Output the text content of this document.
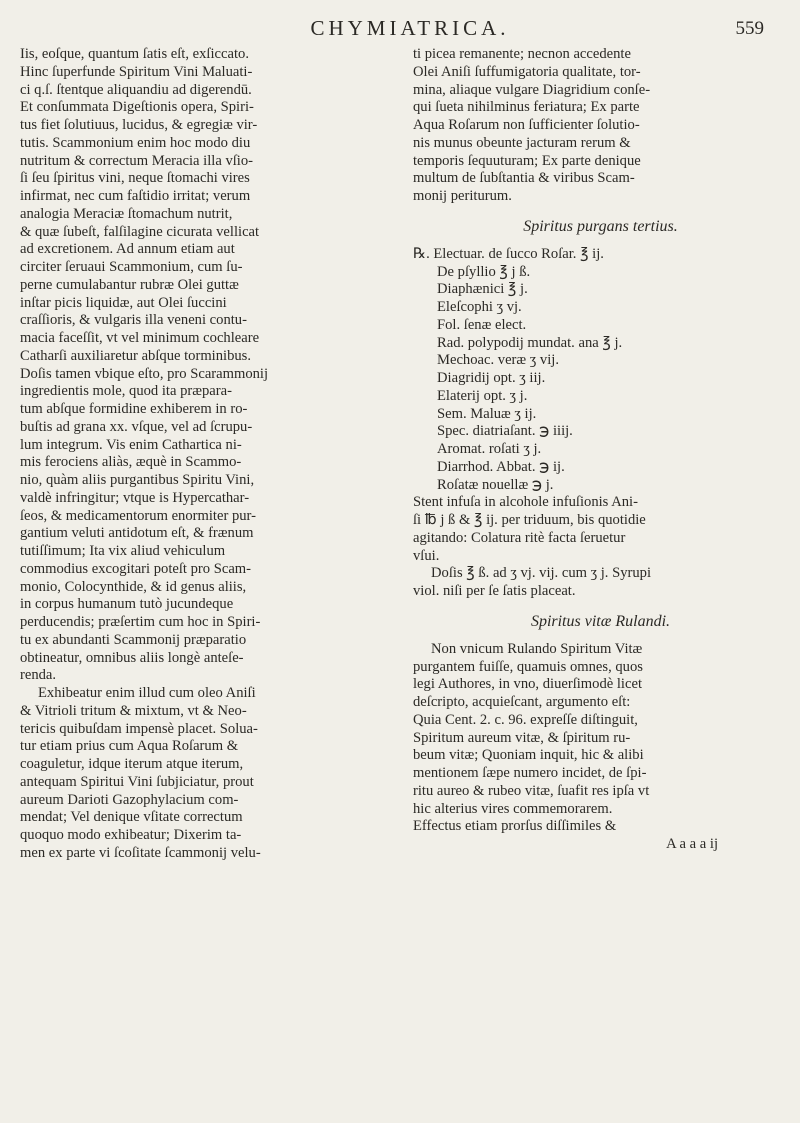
CHYMIATRICA.	559
Iis, eoſque, quantum ſatis eſt, exſiccato.
Hinc ſuperfunde Spiritum Vini Maluati-
ci q.ſ. ſtentque aliquandiu ad digerendū.
Et conſummata Digeſtionis opera, Spiri-
tus fiet ſolutiuus, lucidus, & egregiæ vir-
tutis. Scammonium enim hoc modo diu
nutritum & correctum Meracia illa vſio-
ſi ſeu ſpiritus vini, neque ſtomachi vires
infirmat, nec cum faſtidio irritat; verum
analogia Meraciæ ſtomachum nutrit,
& quæ ſubeſt, falſilagine cicurata vellicat
ad excretionem. Ad annum etiam aut
circiter ſeruaui Scammonium, cum ſu-
perne cumulabantur rubræ Olei guttæ
inſtar picis liquidæ, aut Olei ſuccini
craſſioris, & vulgaris illa veneni contu-
macia faceſſit, vt vel minimum cochleare
Catharſi auxiliaretur abſque torminibus.
Doſis tamen vbique eſto, pro Scarammonij
ingredientis mole, quod ita præpara-
tum abſque formidine exhiberem in ro-
buſtis ad grana xx. vſque, vel ad ſcrupu-
lum integrum. Vis enim Cathartica ni-
mis ferociens aliàs, æquè in Scammo-
nio, quàm aliis purgantibus Spiritu Vini,
valdè infringitur; vtque is Hypercathar-
ſeos, & medicamentorum enormiter pur-
gantium veluti antidotum eſt, & frænum
tutiſſimum; Ita vix aliud vehiculum
commodius excogitari poteſt pro Scam-
monio, Colocynthide, & id genus aliis,
in corpus humanum tutò jucundeque
perducendis; præſertim cum hoc in Spiri-
tu ex abundanti Scammonij præparatio
obtineatur, omnibus aliis longè anteſe-
renda.
Exhibeatur enim illud cum oleo Aniſi
& Vitrioli tritum & mixtum, vt & Neo-
tericis quibuſdam impensè placet. Solua-
tur etiam prius cum Aqua Roſarum &
coaguletur, idque iterum atque iterum,
antequam Spiritui Vini ſubjiciatur, prout
aureum Darioti Gazophylacium com-
mendat; Vel denique vſitate correctum
quoquo modo exhibeatur; Dixerim ta-
men ex parte vi ſcoſitate ſcammonij velu-
ti picea remanente; necnon accedente
Olei Aniſi ſuffumigatoria qualitate, tor-
mina, aliaque vulgare Diagridium conſe-
qui ſueta nihilminus feriatura; Ex parte
Aqua Roſarum non ſufficienter ſolutio-
nis munus obeunte jacturam rerum &
temporis ſequuturam; Ex parte denique
multum de ſubſtantia & viribus Scam-
monij periturum.
Spiritus purgans tertius.
℞. Electuar. de ſucco Roſar. ℥ ij.
De pſyllio ℥ j ß.
Diaphænici ℥ j.
Eleſcophi ʒ vj.
Fol. ſenæ elect.
Rad. polypodij mundat. ana ℥ j.
Mechoac. veræ ʒ vij.
Diagridij opt. ʒ iij.
Elaterij opt. ʒ j.
Sem. Maluæ ʒ ij.
Spec. diatriaſant. ℈ iiij.
Aromat. roſati ʒ j.
Diarrhod. Abbat. ℈ ij.
Roſatæ nouellæ ℈ j.
Stent infuſa in alcohole infuſionis Ani-
ſi ℔ j ß & ℥ ij. per triduum, bis quotidie
agitando: Colatura ritè facta ſeruetur
vſui.
Doſis ℥ ß. ad ʒ vj. vij. cum ʒ j. Syrupi
viol. niſi per ſe ſatis placeat.
Spiritus vitæ Rulandi.
Non vnicum Rulando Spiritum Vitæ
purgantem fuiſſe, quamuis omnes, quos
legi Authores, in vno, diuerſimodè licet
deſcripto, acquieſcant, argumento eſt:
Quia Cent. 2. c. 96. expreſſe diſtinguit,
Spiritum aureum vitæ, & ſpiritum ru-
beum vitæ; Quoniam inquit, hic & alibi
mentionem ſæpe numero incidet, de ſpi-
ritu aureo & rubeo vitæ, ſuafit res ipſa vt
hic alterius vires commemorarem.
Effectus etiam prorſus diſſimiles &
A a a a ij
